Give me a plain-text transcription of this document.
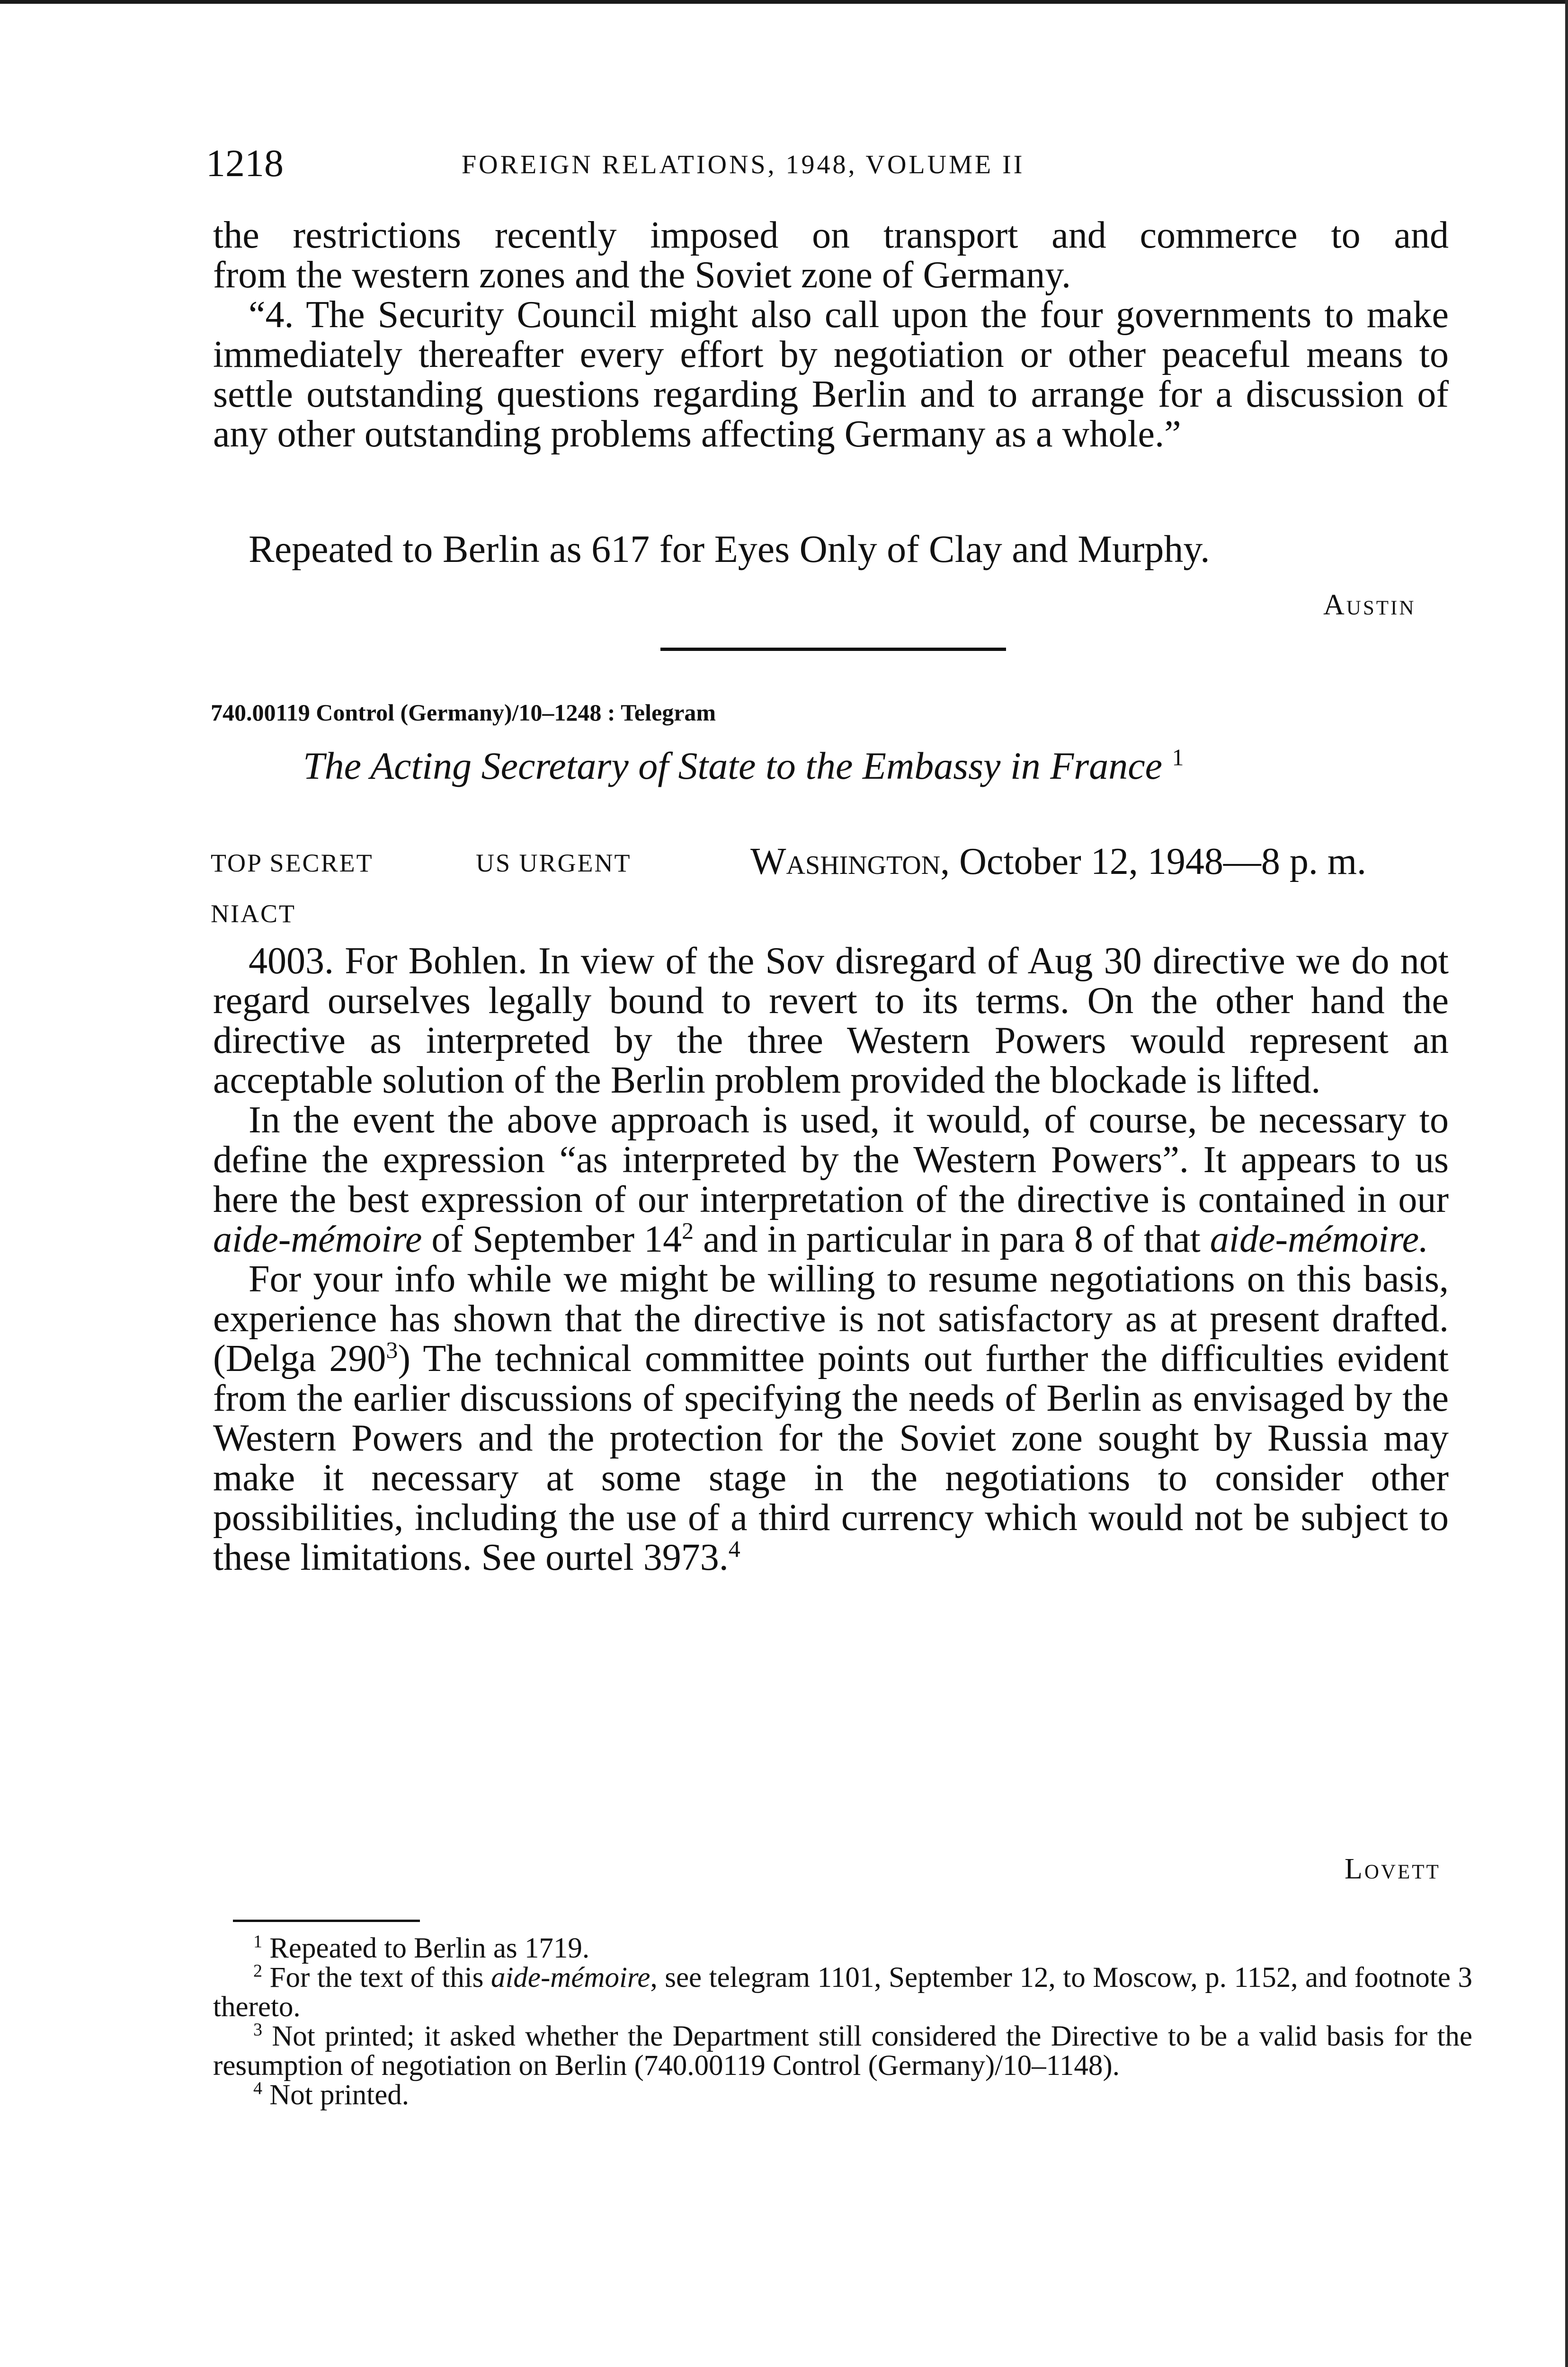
1218	FOREIGN RELATIONS, 1948, VOLUME II

the restrictions recently imposed on transport and commerce to and

from the western zones and the Soviet zone of Germany.

“4. The Security Council might also call upon the four governments to make immediately thereafter every effort by negotiation or other peaceful means to settle outstanding questions regarding Berlin and to arrange for a discussion of any other outstanding problems affecting Germany as a whole.”

Repeated to Berlin as 617 for Eyes Only of Clay and Murphy.

Austin
740.00119 Control (Germany)/10–1248 : Telegram
The Acting Secretary of State to the Embassy in France $^1$
TOP SECRET	US URGENT	Washington, October 12, 1948—8 p. m.
NIACT

4003. For Bohlen. In view of the Sov disregard of Aug 30 directive we do not regard ourselves legally bound to revert to its terms. On the other hand the directive as interpreted by the three Western Powers would represent an acceptable solution of the Berlin problem provided the blockade is lifted.

In the event the above approach is used, it would, of course, be necessary to define the expression “as interpreted by the Western Powers”. It appears to us here the best expression of our interpretation of the directive is contained in our aide-mémoire of September $14^2$ and in particular in para 8 of that aide-mémoire.

For your info while we might be willing to resume negotiations on this basis, experience has shown that the directive is not satisfactory as at present drafted. (Delga $290^3$) The technical committee points out further the difficulties evident from the earlier discussions of specifying the needs of Berlin as envisaged by the Western Powers and the protection for the Soviet zone sought by Russia may make it necessary at some stage in the negotiations to consider other possibilities, including the use of a third currency which would not be subject to these limitations. See ourtel 3973.$^4$

Lovett

$^1$ Repeated to Berlin as 1719.

$^2$ For the text of this aide-mémoire, see telegram 1101, September 12, to Moscow, p. 1152, and footnote 3 thereto.

$^3$ Not printed; it asked whether the Department still considered the Directive to be a valid basis for the resumption of negotiation on Berlin (740.00119 Control (Germany)/10–1148).

$^4$ Not printed.
